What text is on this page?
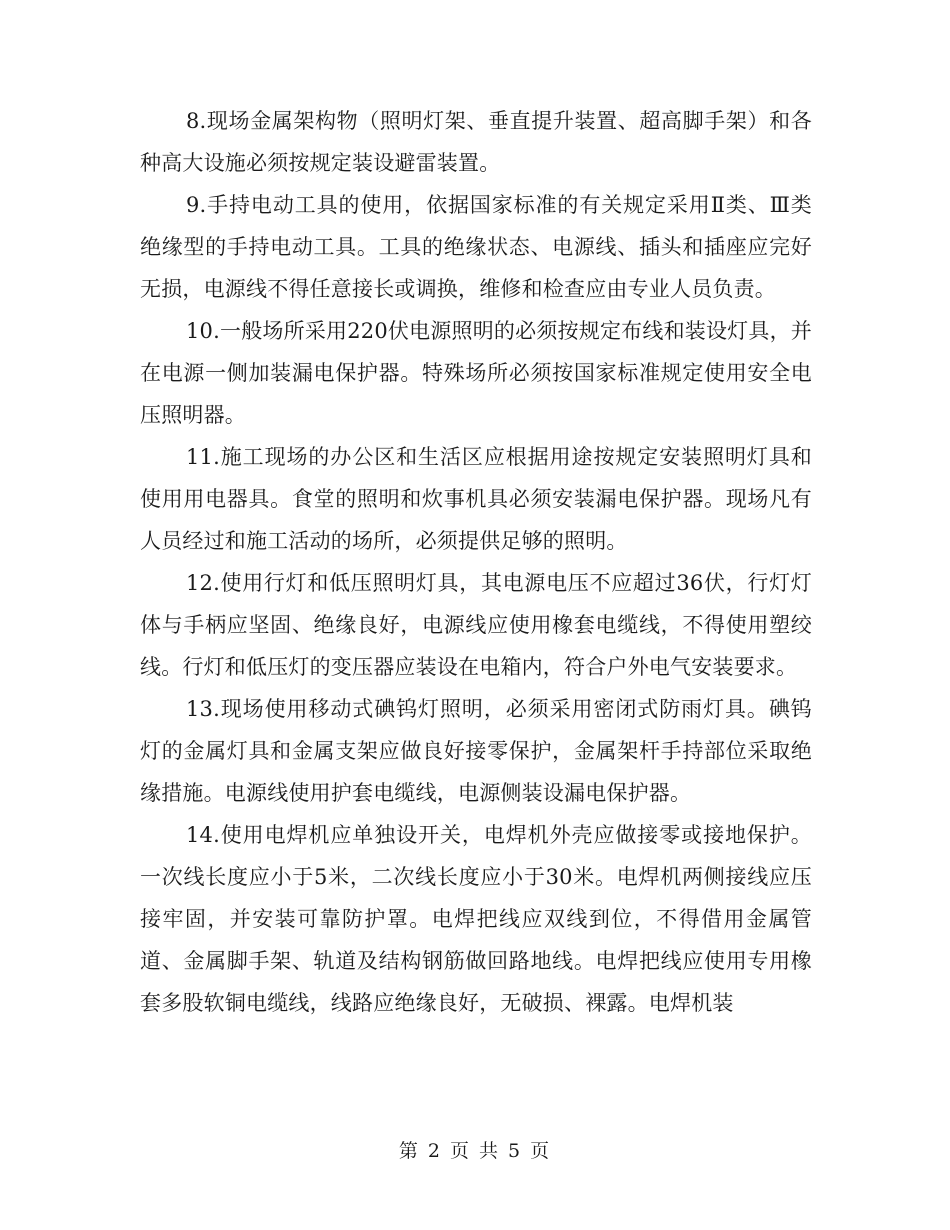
8.现场金属架构物（照明灯架、垂直提升装置、超高脚手架）和各种高大设施必须按规定装设避雷装置。

9.手持电动工具的使用，依据国家标准的有关规定采用Ⅱ类、Ⅲ类绝缘型的手持电动工具。工具的绝缘状态、电源线、插头和插座应完好无损，电源线不得任意接长或调换，维修和检查应由专业人员负责。

10.一般场所采用220伏电源照明的必须按规定布线和装设灯具，并在电源一侧加装漏电保护器。特殊场所必须按国家标准规定使用安全电压照明器。

11.施工现场的办公区和生活区应根据用途按规定安装照明灯具和使用用电器具。食堂的照明和炊事机具必须安装漏电保护器。现场凡有人员经过和施工活动的场所，必须提供足够的照明。

12.使用行灯和低压照明灯具，其电源电压不应超过36伏，行灯灯体与手柄应坚固、绝缘良好，电源线应使用橡套电缆线，不得使用塑绞线。行灯和低压灯的变压器应装设在电箱内，符合户外电气安装要求。

13.现场使用移动式碘钨灯照明，必须采用密闭式防雨灯具。碘钨灯的金属灯具和金属支架应做良好接零保护，金属架杆手持部位采取绝缘措施。电源线使用护套电缆线，电源侧装设漏电保护器。

14.使用电焊机应单独设开关，电焊机外壳应做接零或接地保护。一次线长度应小于5米，二次线长度应小于30米。电焊机两侧接线应压接牢固，并安装可靠防护罩。电焊把线应双线到位，不得借用金属管道、金属脚手架、轨道及结构钢筋做回路地线。电焊把线应使用专用橡套多股软铜电缆线，线路应绝缘良好，无破损、裸露。电焊机装

第 2 页 共 5 页
